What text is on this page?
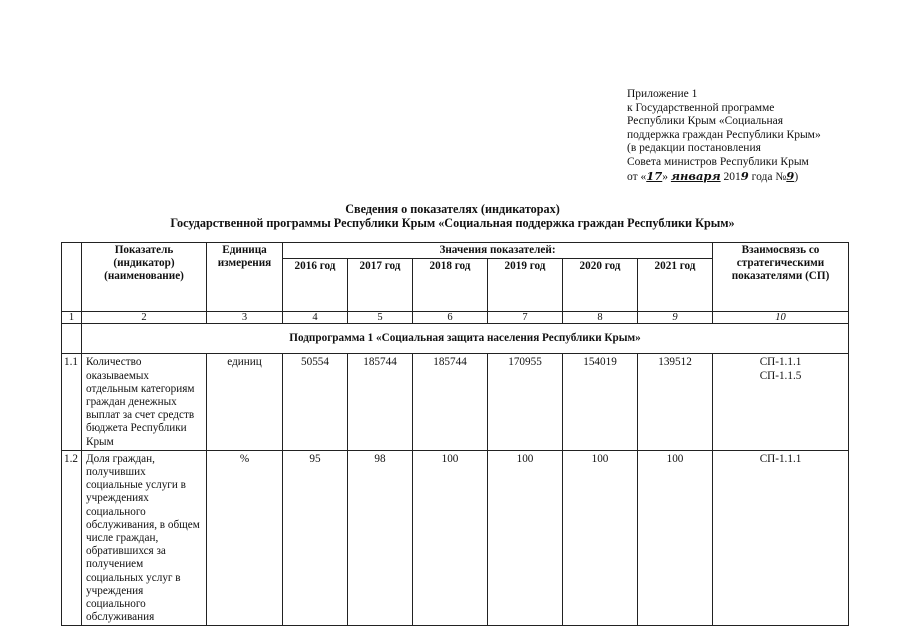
Приложение 1
к Государственной программе
Республики Крым «Социальная
поддержка граждан Республики Крым»
(в редакции постановления
Совета министров Республики Крым
от «17» января 2019 года №9)
Сведения о показателях (индикаторах)
Государственной программы Республики Крым «Социальная поддержка граждан Республики Крым»
	Показатель (индикатор) (наименование)	Единица измерения	Значения показателей:						Взаимосвязь со стратегическими показателями (СП)
			2016 год	2017 год	2018 год	2019 год	2020 год	2021 год	
1	2	3	4	5	6	7	8	9	10
	Подпрограмма 1 «Социальная защита населения Республики Крым»								
1.1	Количество оказываемых отдельным категориям граждан денежных выплат за счет средств бюджета Республики Крым	единиц	50554	185744	185744	170955	154019	139512	СП-1.1.1
СП-1.1.5

1.2	Доля граждан, получивших социальные услуги в учреждениях социального обслуживания, в общем числе граждан, обратившихся за получением социальных услуг в учреждения социального обслуживания	%	95	98	100	100	100	100	СП-1.1.1
